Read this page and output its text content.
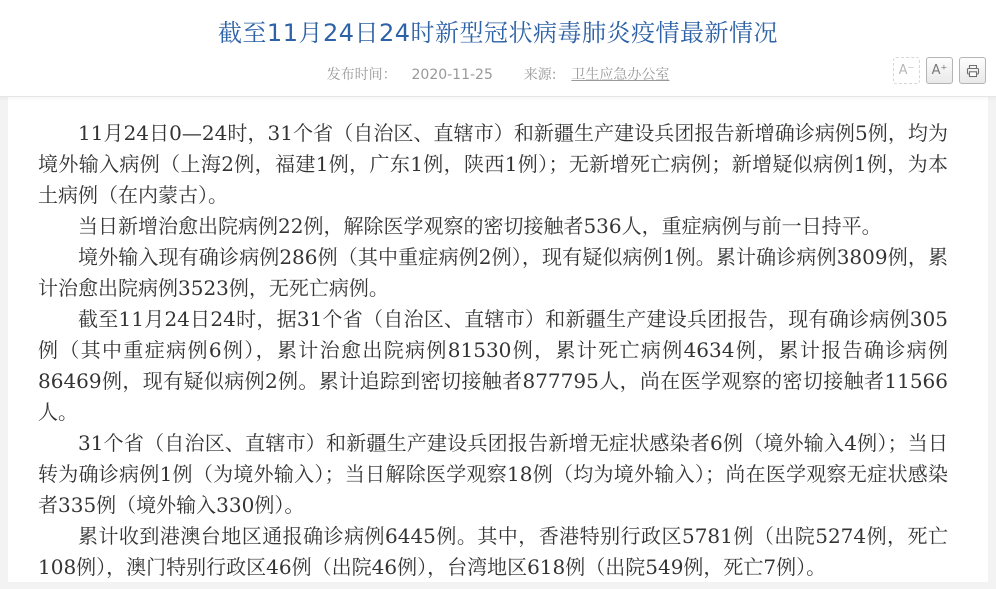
截至11月24日24时新型冠状病毒肺炎疫情最新情况
发布时间： 2020-11-25 来源: 卫生应急办公室	A⁻	A⁺

11月24日0—24时，31个省（自治区、直辖市）和新疆生产建设兵团报告新增确诊病例5例，均为境外输入病例（上海2例，福建1例，广东1例，陕西1例）；无新增死亡病例；新增疑似病例1例，为本土病例（在内蒙古）。

当日新增治愈出院病例22例，解除医学观察的密切接触者536人，重症病例与前一日持平。

境外输入现有确诊病例286例（其中重症病例2例），现有疑似病例1例。累计确诊病例3809例，累计治愈出院病例3523例，无死亡病例。

截至11月24日24时，据31个省（自治区、直辖市）和新疆生产建设兵团报告，现有确诊病例305例（其中重症病例6例），累计治愈出院病例81530例，累计死亡病例4634例，累计报告确诊病例86469例，现有疑似病例2例。累计追踪到密切接触者877795人，尚在医学观察的密切接触者11566人。

31个省（自治区、直辖市）和新疆生产建设兵团报告新增无症状感染者6例（境外输入4例）；当日转为确诊病例1例（为境外输入）；当日解除医学观察18例（均为境外输入）；尚在医学观察无症状感染者335例（境外输入330例）。

累计收到港澳台地区通报确诊病例6445例。其中，香港特别行政区5781例（出院5274例，死亡108例），澳门特别行政区46例（出院46例），台湾地区618例（出院549例，死亡7例）。
